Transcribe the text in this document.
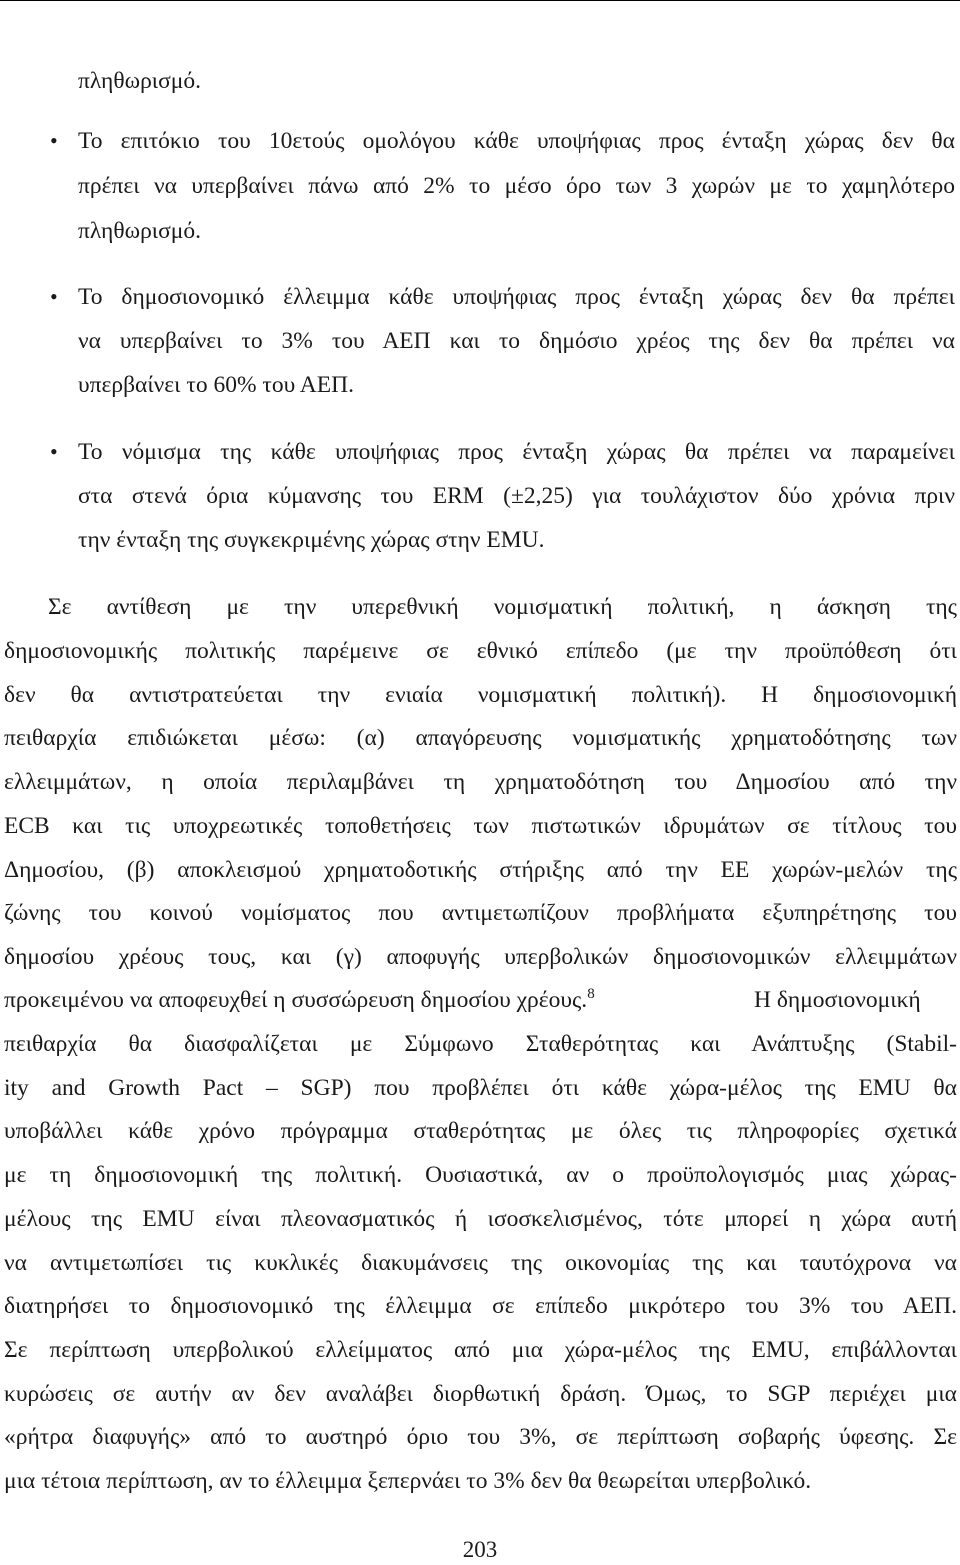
πληθωρισμό.
• Το επιτόκιο του 10ετούς ομολόγου κάθε υποψήφιας προς ένταξη χώρας δεν θα
πρέπει να υπερβαίνει πάνω από 2% το μέσο όρο των 3 χωρών με το χαμηλότερο
πληθωρισμό.
• Το δημοσιονομικό έλλειμμα κάθε υποψήφιας προς ένταξη χώρας δεν θα πρέπει
να υπερβαίνει το 3% του ΑΕΠ και το δημόσιο χρέος της δεν θα πρέπει να
υπερβαίνει το 60% του ΑΕΠ.
• Το νόμισμα της κάθε υποψήφιας προς ένταξη χώρας θα πρέπει να παραμείνει
στα στενά όρια κύμανσης του ERM (±2,25) για τουλάχιστον δύο χρόνια πριν
την ένταξη της συγκεκριμένης χώρας στην EMU.
Σε αντίθεση με την υπερεθνική νομισματική πολιτική, η άσκηση της
δημοσιονομικής πολιτικής παρέμεινε σε εθνικό επίπεδο (με την προϋπόθεση ότι
δεν θα αντιστρατεύεται την ενιαία νομισματική πολιτική). Η δημοσιονομική
πειθαρχία επιδιώκεται μέσω: (α) απαγόρευσης νομισματικής χρηματοδότησης των
ελλειμμάτων, η οποία περιλαμβάνει τη χρηματοδότηση του Δημοσίου από την
ECB και τις υποχρεωτικές τοποθετήσεις των πιστωτικών ιδρυμάτων σε τίτλους του
Δημοσίου, (β) αποκλεισμού χρηματοδοτικής στήριξης από την ΕΕ χωρών-μελών της
ζώνης του κοινού νομίσματος που αντιμετωπίζουν προβλήματα εξυπηρέτησης του
δημοσίου χρέους τους, και (γ) αποφυγής υπερβολικών δημοσιονομικών ελλειμμάτων
προκειμένου να αποφευχθεί η συσσώρευση δημοσίου χρέους.$^8$	Η δημοσιονομική
πειθαρχία θα διασφαλίζεται με Σύμφωνο Σταθερότητας και Ανάπτυξης (Stabil-
ity and Growth Pact – SGP) που προβλέπει ότι κάθε χώρα-μέλος της EMU θα
υποβάλλει κάθε χρόνο πρόγραμμα σταθερότητας με όλες τις πληροφορίες σχετικά
με τη δημοσιονομική της πολιτική. Ουσιαστικά, αν ο προϋπολογισμός μιας χώρας-
μέλους της EMU είναι πλεονασματικός ή ισοσκελισμένος, τότε μπορεί η χώρα αυτή
να αντιμετωπίσει τις κυκλικές διακυμάνσεις της οικονομίας της και ταυτόχρονα να
διατηρήσει το δημοσιονομικό της έλλειμμα σε επίπεδο μικρότερο του 3% του ΑΕΠ.
Σε περίπτωση υπερβολικού ελλείμματος από μια χώρα-μέλος της EMU, επιβάλλονται
κυρώσεις σε αυτήν αν δεν αναλάβει διορθωτική δράση. Όμως, το SGP περιέχει μια
«ρήτρα διαφυγής» από το αυστηρό όριο του 3%, σε περίπτωση σοβαρής ύφεσης. Σε
μια τέτοια περίπτωση, αν το έλλειμμα ξεπερνάει το 3% δεν θα θεωρείται υπερβολικό.
203
